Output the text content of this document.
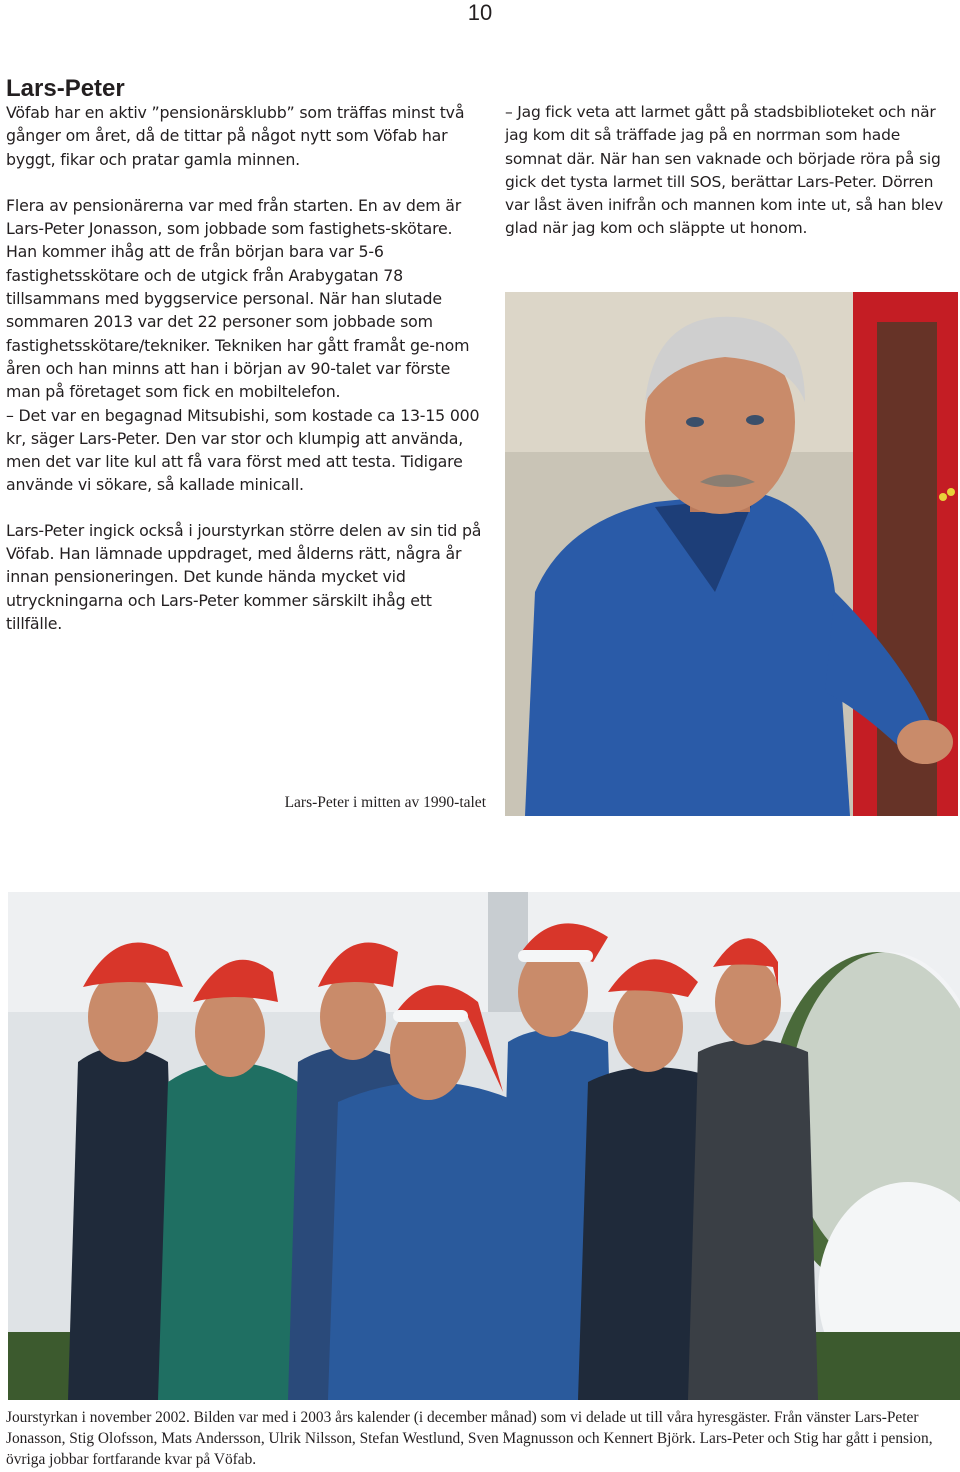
10
Lars-Peter

Vöfab har en aktiv ”pensionärsklubb” som träffas minst två gånger om året, då de tittar på något nytt som Vöfab har byggt, fikar och pratar gamla minnen.

Flera av pensionärerna var med från starten. En av dem är Lars-Peter Jonasson, som jobbade som fastighets-skötare. Han kommer ihåg att de från början bara var 5-6 fastighetsskötare och de utgick från Arabygatan 78 tillsammans med byggservice personal. När han slutade sommaren 2013 var det 22 personer som jobbade som fastighetsskötare/tekniker. Tekniken har gått framåt ge-nom åren och han minns att han i början av 90-talet var förste man på företaget som fick en mobiltelefon.

– Det var en begagnad Mitsubishi, som kostade ca 13-15 000 kr, säger Lars-Peter. Den var stor och klumpig att använda, men det var lite kul att få vara först med att testa. Tidigare använde vi sökare, så kallade minicall.

Lars-Peter ingick också i jourstyrkan större delen av sin tid på Vöfab. Han lämnade uppdraget, med ålderns rätt, några år innan pensioneringen. Det kunde hända mycket vid utryckningarna och Lars-Peter kommer särskilt ihåg ett tillfälle.

– Jag fick veta att larmet gått på stadsbiblioteket och när jag kom dit så träffade jag på en norrman som hade somnat där. När han sen vaknade och började röra på sig gick det tysta larmet till SOS, berättar Lars-Peter. Dörren var låst även inifrån och mannen kom inte ut, så han blev glad när jag kom och släppte ut honom.

Lars-Peter i mitten av 1990-talet
Jourstyrkan i november 2002. Bilden var med i 2003 års kalender (i december månad) som vi delade ut till våra hyresgäster. Från vänster Lars-Peter Jonasson, Stig Olofsson, Mats Andersson, Ulrik Nilsson, Stefan Westlund, Sven Magnusson och Kennert Björk. Lars-Peter och Stig har gått i pension, övriga jobbar fortfarande kvar på Vöfab.
